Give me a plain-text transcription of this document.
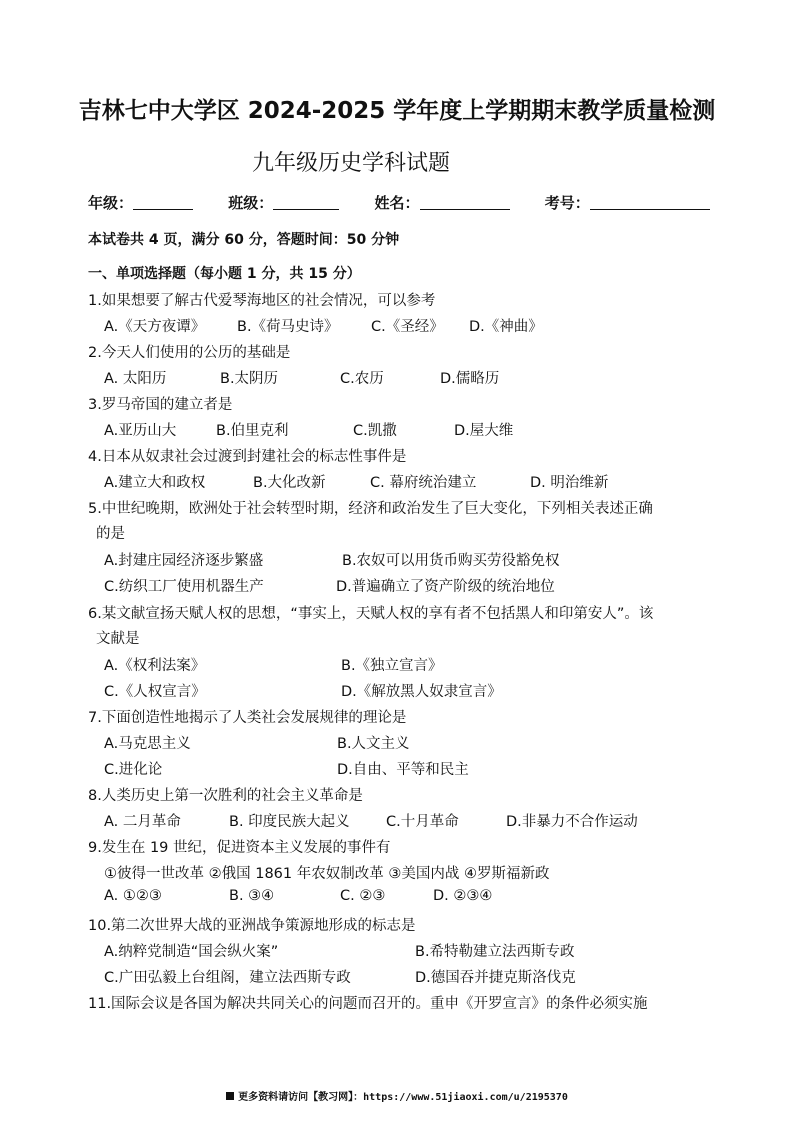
吉林七中大学区 2024-2025 学年度上学期期末教学质量检测
九年级历史学科试题
年级：	班级：	姓名：	考号：
本试卷共 4 页，满分 60 分，答题时间：50 分钟
一、单项选择题（每小题 1 分，共 15 分）
1.如果想要了解古代爱琴海地区的社会情况，可以参考
A.《天方夜谭》 B.《荷马史诗》 C.《圣经》 D.《神曲》
2.今天人们使用的公历的基础是
A. 太阳历	B.太阴历	C.农历	D.儒略历
3.罗马帝国的建立者是
A.亚历山大	B.伯里克利	C.凯撒	D.屋大维
4.日本从奴隶社会过渡到封建社会的标志性事件是
A.建立大和政权	B.大化改新	C. 幕府统治建立	D. 明治维新
5.中世纪晚期，欧洲处于社会转型时期，经济和政治发生了巨大变化，下列相关表述正确
的是
A.封建庄园经济逐步繁盛	B.农奴可以用货币购买劳役豁免权
C.纺织工厂使用机器生产	D.普遍确立了资产阶级的统治地位
6.某文献宣扬天赋人权的思想，“事实上，天赋人权的享有者不包括黑人和印第安人”。该
文献是
A.《权利法案》	B.《独立宣言》
C.《人权宣言》	D.《解放黑人奴隶宣言》
7.下面创造性地揭示了人类社会发展规律的理论是
A.马克思主义	B.人文主义
C.进化论	D.自由、平等和民主
8.人类历史上第一次胜利的社会主义革命是
A. 二月革命	B. 印度民族大起义	C.十月革命	D.非暴力不合作运动
9.发生在 19 世纪，促进资本主义发展的事件有
①彼得一世改革 ②俄国 1861 年农奴制改革 ③美国内战 ④罗斯福新政
A. ①②③	B. ③④	C. ②③	D. ②③④
10.第二次世界大战的亚洲战争策源地形成的标志是
A.纳粹党制造“国会纵火案”	B.希特勒建立法西斯专政
C.广田弘毅上台组阁，建立法西斯专政	D.德国吞并捷克斯洛伐克
11.国际会议是各国为解决共同关心的问题而召开的。重申《开罗宣言》的条件必须实施
更多资料请访问【教习网】：https://www.51jiaoxi.com/u/2195370
